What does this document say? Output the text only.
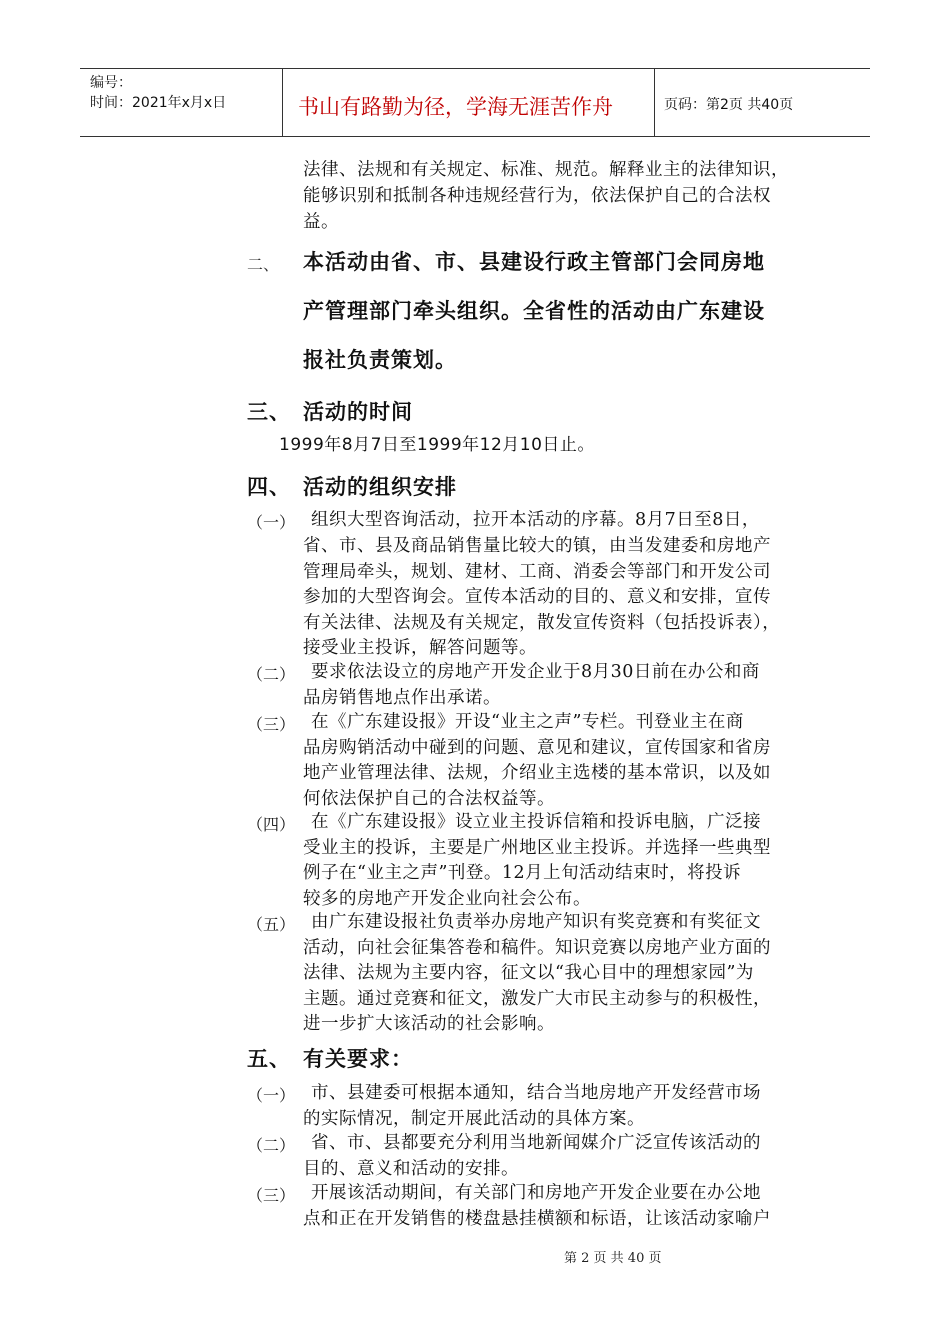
编号：
时间：2021年x月x日	书山有路勤为径，学海无涯苦作舟	页码：第2页 共40页
法律、法规和有关规定、标准、规范。解释业主的法律知识，
能够识别和抵制各种违规经营行为，依法保护自己的合法权
益。
二、 本活动由省、市、县建设行政主管部门会同房地
产管理部门牵头组织。全省性的活动由广东建设
报社负责策划。
三、 活动的时间
1999年8月7日至1999年12月10日止。
四、 活动的组织安排
（一） 组织大型咨询活动，拉开本活动的序幕。8月7日至8日，
省、市、县及商品销售量比较大的镇，由当发建委和房地产
管理局牵头，规划、建材、工商、消委会等部门和开发公司
参加的大型咨询会。宣传本活动的目的、意义和安排，宣传
有关法律、法规及有关规定，散发宣传资料（包括投诉表），
接受业主投诉，解答问题等。
（二） 要求依法设立的房地产开发企业于8月30日前在办公和商
品房销售地点作出承诺。
（三） 在《广东建设报》开设“业主之声”专栏。刊登业主在商
品房购销活动中碰到的问题、意见和建议，宣传国家和省房
地产业管理法律、法规，介绍业主选楼的基本常识，以及如
何依法保护自己的合法权益等。
（四） 在《广东建设报》设立业主投诉信箱和投诉电脑，广泛接
受业主的投诉，主要是广州地区业主投诉。并选择一些典型
例子在“业主之声”刊登。12月上旬活动结束时，将投诉
较多的房地产开发企业向社会公布。
（五） 由广东建设报社负责举办房地产知识有奖竞赛和有奖征文
活动，向社会征集答卷和稿件。知识竞赛以房地产业方面的
法律、法规为主要内容，征文以“我心目中的理想家园”为
主题。通过竞赛和征文，激发广大市民主动参与的积极性，
进一步扩大该活动的社会影响。
五、 有关要求：
（一） 市、县建委可根据本通知，结合当地房地产开发经营市场
的实际情况，制定开展此活动的具体方案。
（二） 省、市、县都要充分利用当地新闻媒介广泛宣传该活动的
目的、意义和活动的安排。
（三） 开展该活动期间，有关部门和房地产开发企业要在办公地
点和正在开发销售的楼盘悬挂横额和标语，让该活动家喻户
第 2 页 共 40 页
